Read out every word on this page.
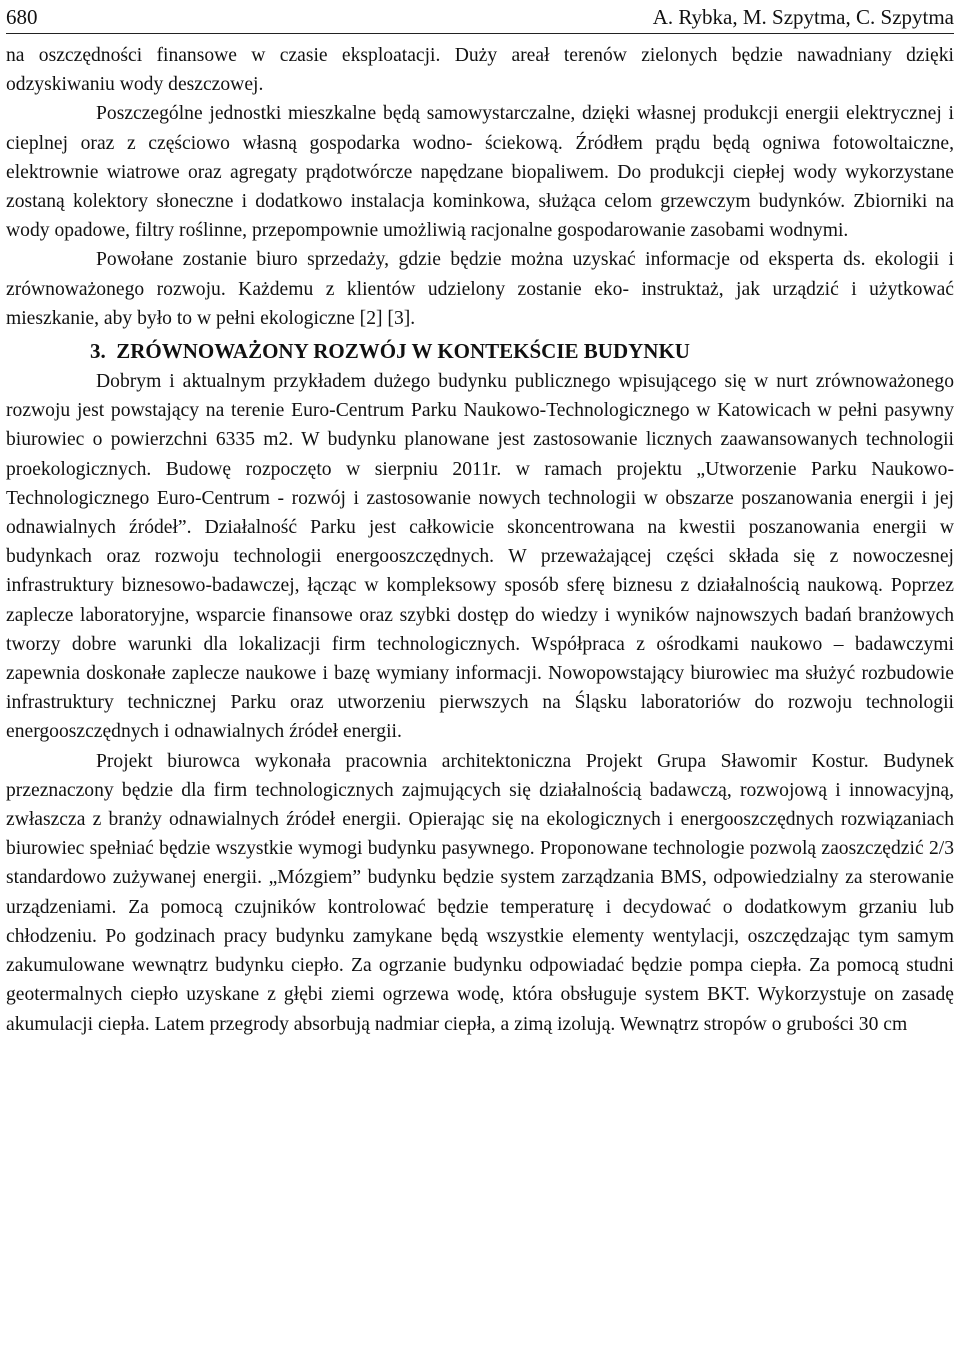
680	A. Rybka, M. Szpytma, C. Szpytma

na oszczędności finansowe w czasie eksploatacji. Duży areał terenów zielonych będzie nawadniany dzięki odzyskiwaniu wody deszczowej.

Poszczególne jednostki mieszkalne będą samowystarczalne, dzięki własnej produkcji energii elektrycznej i cieplnej oraz z częściowo własną gospodarka wodno- ściekową. Źródłem prądu będą ogniwa fotowoltaiczne, elektrownie wiatrowe oraz agregaty prądotwórcze napędzane biopaliwem. Do produkcji ciepłej wody wykorzystane zostaną kolektory słoneczne i dodatkowo instalacja kominkowa, służąca celom grzewczym budynków. Zbiorniki na wody opadowe, filtry roślinne, przepompownie umożliwią racjonalne gospodarowanie zasobami wodnymi.

Powołane zostanie biuro sprzedaży, gdzie będzie można uzyskać informacje od eksperta ds. ekologii i zrównoważonego rozwoju. Każdemu z klientów udzielony zostanie eko- instruktaż, jak urządzić i użytkować mieszkanie, aby było to w pełni ekologiczne [2] [3].

3. ZRÓWNOWAŻONY ROZWÓJ W KONTEKŚCIE BUDYNKU

Dobrym i aktualnym przykładem dużego budynku publicznego wpisującego się w nurt zrównoważonego rozwoju jest powstający na terenie Euro-Centrum Parku Naukowo-Technologicznego w Katowicach w pełni pasywny biurowiec o powierzchni 6335 m2. W budynku planowane jest zastosowanie licznych zaawansowanych technologii proekologicznych. Budowę rozpoczęto w sierpniu 2011r. w ramach projektu „Utworzenie Parku Naukowo-Technologicznego Euro-Centrum - rozwój i zastosowanie nowych technologii w obszarze poszanowania energii i jej odnawialnych źródeł”. Działalność Parku jest całkowicie skoncentrowana na kwestii poszanowania energii w budynkach oraz rozwoju technologii energooszczędnych. W przeważającej części składa się z nowoczesnej infrastruktury biznesowo-badawczej, łącząc w kompleksowy sposób sferę biznesu z działalnością naukową. Poprzez zaplecze laboratoryjne, wsparcie finansowe oraz szybki dostęp do wiedzy i wyników najnowszych badań branżowych tworzy dobre warunki dla lokalizacji firm technologicznych. Współpraca z ośrodkami naukowo – badawczymi zapewnia doskonałe zaplecze naukowe i bazę wymiany informacji. Nowopowstający biurowiec ma służyć rozbudowie infrastruktury technicznej Parku oraz utworzeniu pierwszych na Śląsku laboratoriów do rozwoju technologii energooszczędnych i odnawialnych źródeł energii.

Projekt biurowca wykonała pracownia architektoniczna Projekt Grupa Sławomir Kostur. Budynek przeznaczony będzie dla firm technologicznych zajmujących się działalnością badawczą, rozwojową i innowacyjną, zwłaszcza z branży odnawialnych źródeł energii. Opierając się na ekologicznych i energooszczędnych rozwiązaniach biurowiec spełniać będzie wszystkie wymogi budynku pasywnego. Proponowane technologie pozwolą zaoszczędzić 2/3 standardowo zużywanej energii. „Mózgiem” budynku będzie system zarządzania BMS, odpowiedzialny za sterowanie urządzeniami. Za pomocą czujników kontrolować będzie temperaturę i decydować o dodatkowym grzaniu lub chłodzeniu. Po godzinach pracy budynku zamykane będą wszystkie elementy wentylacji, oszczędzając tym samym zakumulowane wewnątrz budynku ciepło. Za ogrzanie budynku odpowiadać będzie pompa ciepła. Za pomocą studni geotermalnych ciepło uzyskane z głębi ziemi ogrzewa wodę, która obsługuje system BKT. Wykorzystuje on zasadę akumulacji ciepła. Latem przegrody absorbują nadmiar ciepła, a zimą izolują. Wewnątrz stropów o grubości 30 cm
